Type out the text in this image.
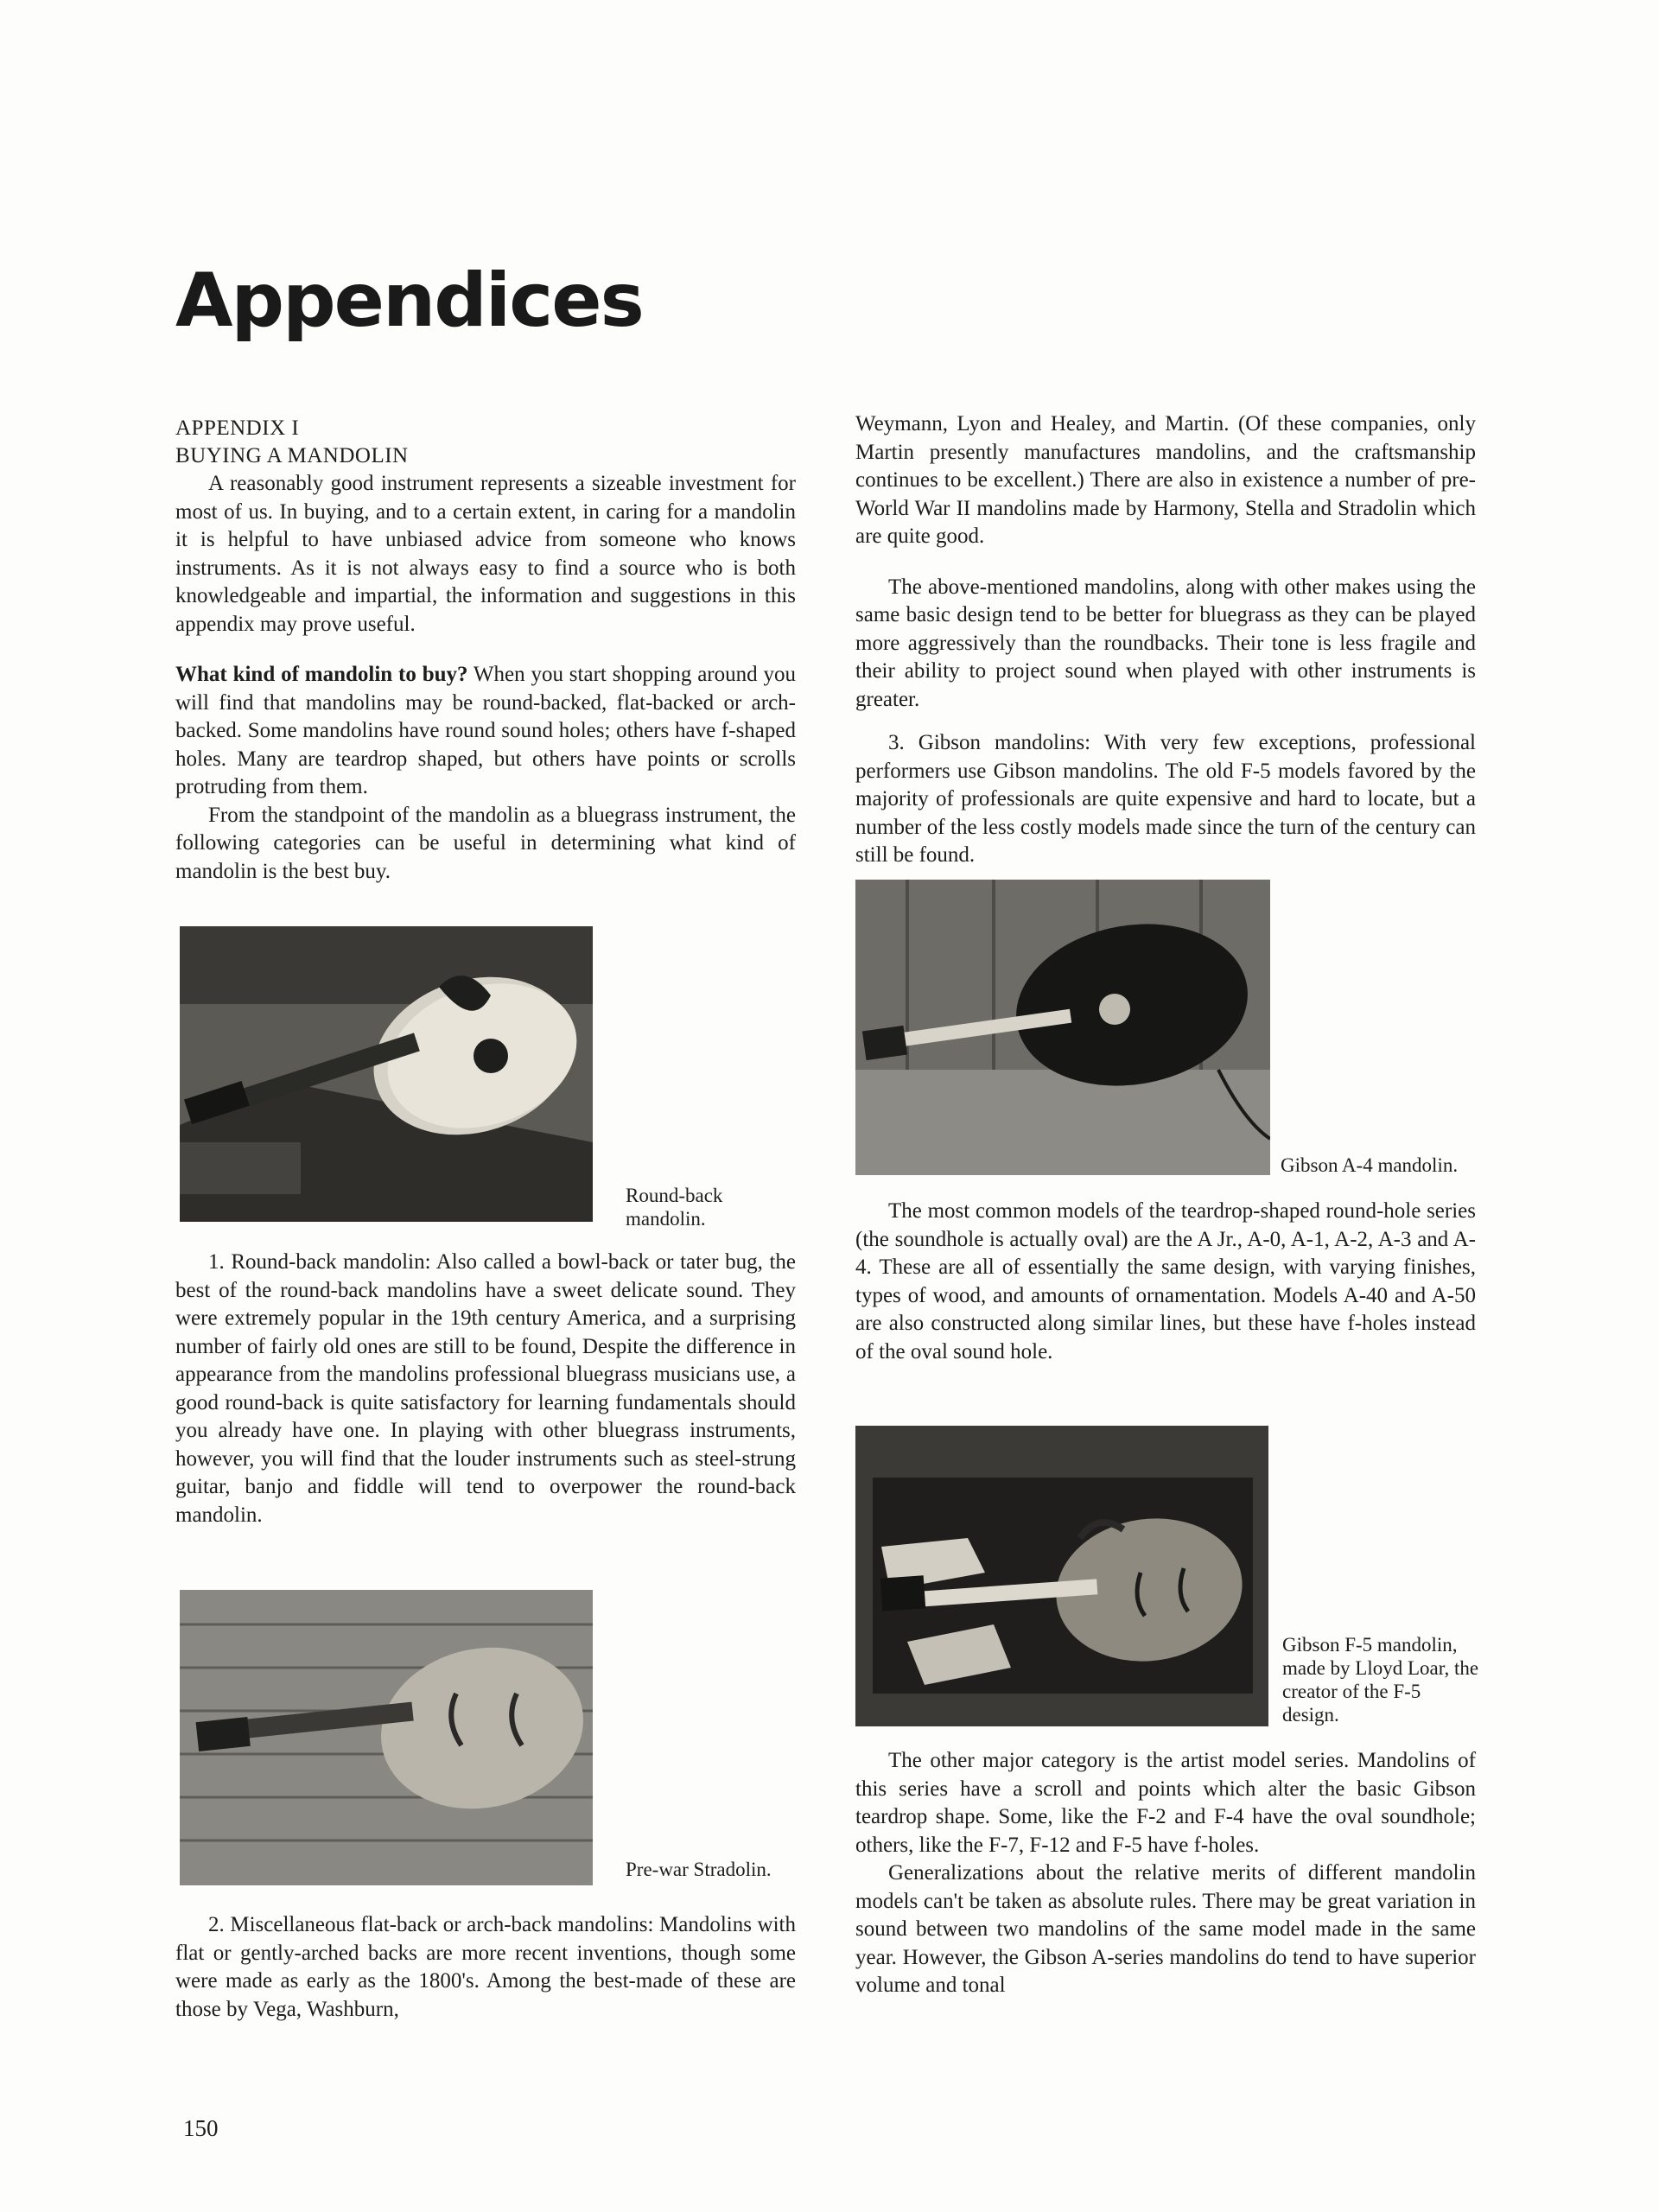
Appendices
APPENDIX I
BUYING A MANDOLIN

A reasonably good instrument represents a sizeable investment for most of us. In buying, and to a certain extent, in caring for a mandolin it is helpful to have unbiased advice from someone who knows instruments. As it is not always easy to find a source who is both knowledgeable and impartial, the information and suggestions in this appendix may prove useful.

What kind of mandolin to buy? When you start shopping around you will find that mandolins may be round-backed, flat-backed or arch-backed. Some mandolins have round sound holes; others have f-shaped holes. Many are teardrop shaped, but others have points or scrolls protruding from them.

From the standpoint of the mandolin as a bluegrass instrument, the following categories can be useful in determining what kind of mandolin is the best buy.

Round-back mandolin.

1. Round-back mandolin: Also called a bowl-back or tater bug, the best of the round-back mandolins have a sweet delicate sound. They were extremely popular in the 19th century America, and a surprising number of fairly old ones are still to be found, Despite the difference in appearance from the mandolins professional bluegrass musicians use, a good round-back is quite satisfactory for learning fundamentals should you already have one. In playing with other bluegrass instruments, however, you will find that the louder instruments such as steel-strung guitar, banjo and fiddle will tend to overpower the round-back mandolin.

Pre-war Stradolin.

2. Miscellaneous flat-back or arch-back mandolins: Mandolins with flat or gently-arched backs are more recent inventions, though some were made as early as the 1800's. Among the best-made of these are those by Vega, Washburn,

Weymann, Lyon and Healey, and Martin. (Of these companies, only Martin presently manufactures mandolins, and the craftsmanship continues to be excellent.) There are also in existence a number of pre-World War II mandolins made by Harmony, Stella and Stradolin which are quite good.

The above-mentioned mandolins, along with other makes using the same basic design tend to be better for bluegrass as they can be played more aggressively than the roundbacks. Their tone is less fragile and their ability to project sound when played with other instruments is greater.

3. Gibson mandolins: With very few exceptions, professional performers use Gibson mandolins. The old F-5 models favored by the majority of professionals are quite expensive and hard to locate, but a number of the less costly models made since the turn of the century can still be found.

Gibson A-4 mandolin.

The most common models of the teardrop-shaped round-hole series (the soundhole is actually oval) are the A Jr., A-0, A-1, A-2, A-3 and A-4. These are all of essentially the same design, with varying finishes, types of wood, and amounts of ornamentation. Models A-40 and A-50 are also constructed along similar lines, but these have f-holes instead of the oval sound hole.

Gibson F-5 mandolin, made by Lloyd Loar, the creator of the F-5 design.

The other major category is the artist model series. Mandolins of this series have a scroll and points which alter the basic Gibson teardrop shape. Some, like the F-2 and F-4 have the oval soundhole; others, like the F-7, F-12 and F-5 have f-holes.

Generalizations about the relative merits of different mandolin models can't be taken as absolute rules. There may be great variation in sound between two mandolins of the same model made in the same year. However, the Gibson A-series mandolins do tend to have superior volume and tonal

150
